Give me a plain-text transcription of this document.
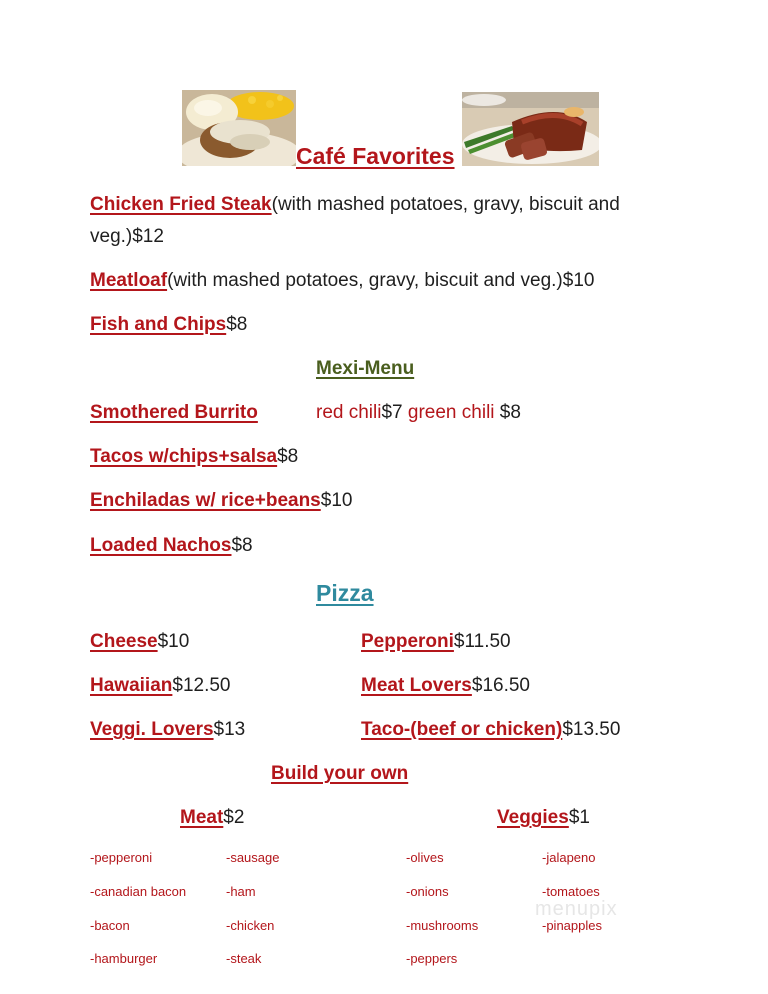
Café Favorites
Chicken Fried Steak(with mashed potatoes, gravy, biscuit and
veg.)$12
Meatloaf(with mashed potatoes, gravy, biscuit and veg.)$10
Fish and Chips$8
Mexi-Menu
Smothered Burrito	red chili$7 green chili $8
Tacos w/chips+salsa$8
Enchiladas w/ rice+beans$10
Loaded Nachos$8
Pizza
Cheese$10
Hawaiian$12.50
Veggi. Lovers$13
Pepperoni$11.50
Meat Lovers$16.50
Taco-(beef or chicken)$13.50
Build your own
Meat$2	Veggies$1
-pepperoni
-canadian bacon
-bacon
-hamburger
-sausage
-ham
-chicken
-steak
-olives
-onions
-mushrooms
-peppers
-jalapeno
-tomatoes
-pinapples
menupix
